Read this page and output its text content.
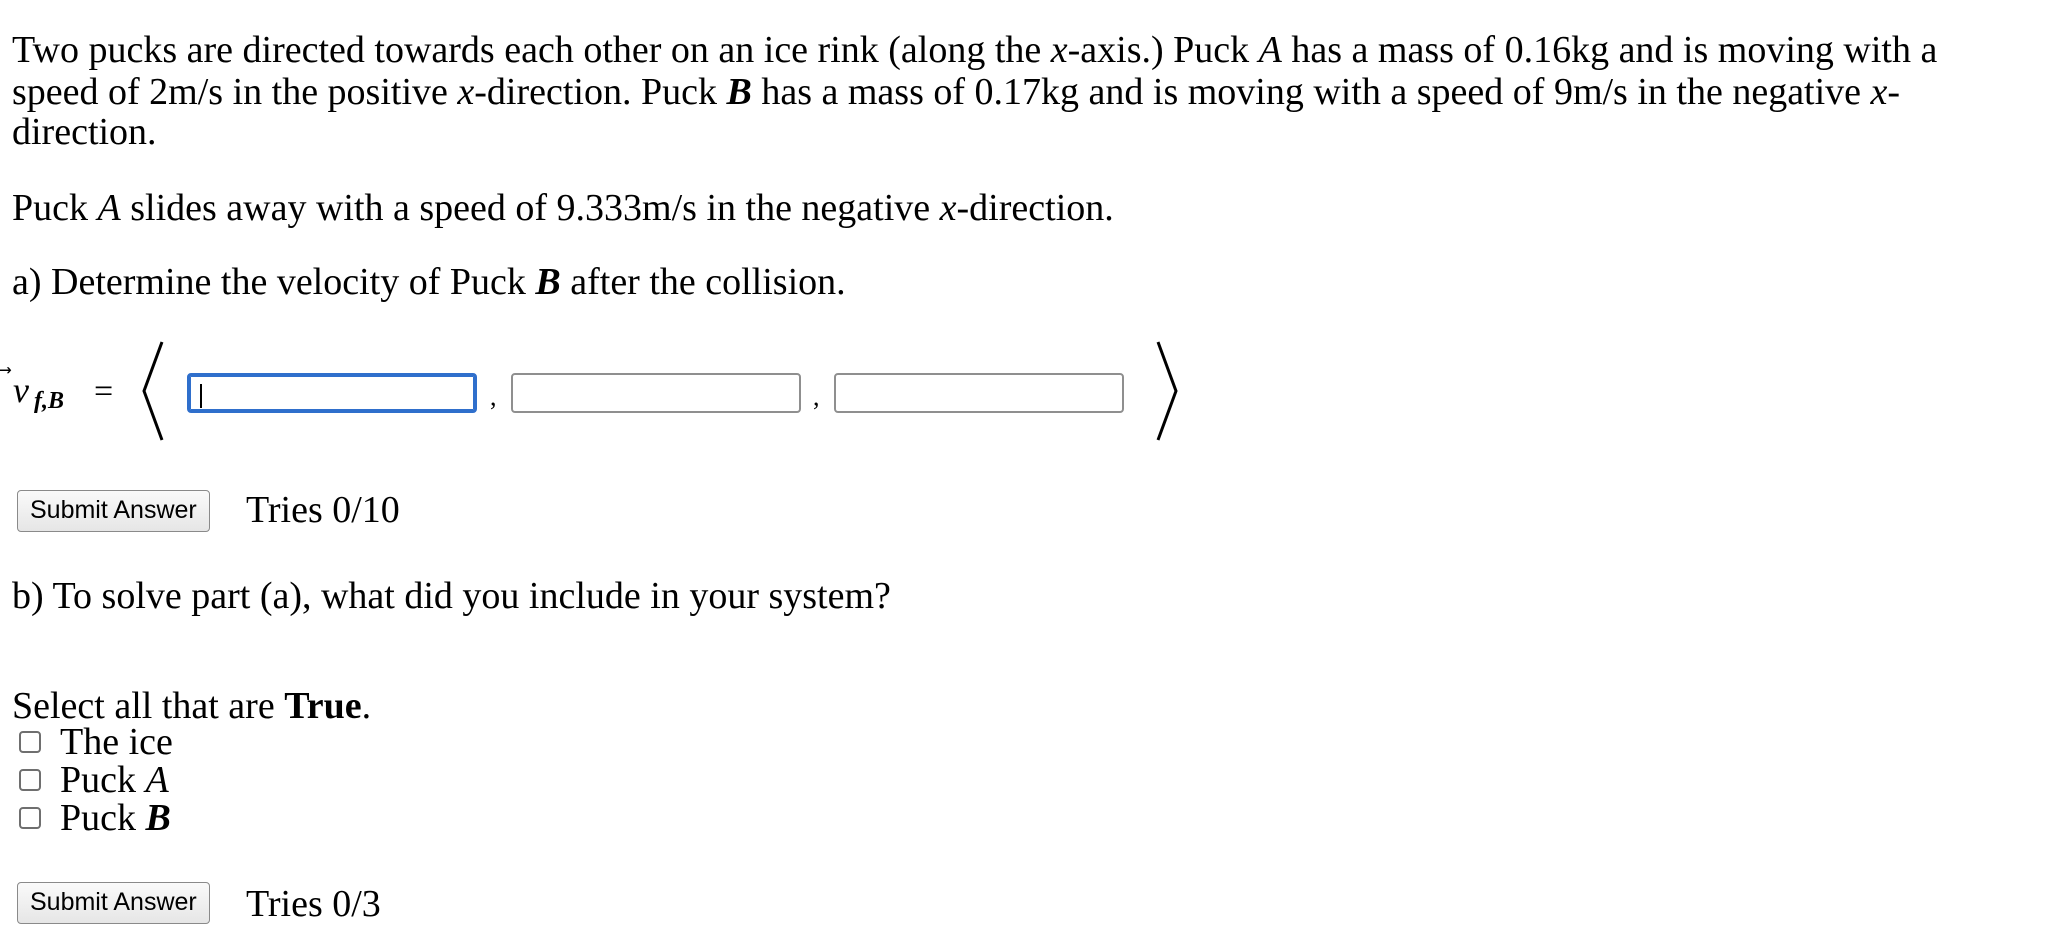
Two pucks are directed towards each other on an ice rink (along the x-axis.) Puck A has a mass of 0.16kg and is moving with a
speed of 2m/s in the positive x-direction. Puck B has a mass of 0.17kg and is moving with a speed of 9m/s in the negative x-
direction.
Puck A slides away with a speed of 9.333m/s in the negative x-direction.
a) Determine the velocity of Puck B after the collision.
v f,B =	,	,
Submit Answer	Tries 0/10
b) To solve part (a), what did you include in your system?
Select all that are True.
The ice
Puck A
Puck B
Submit Answer	Tries 0/3
